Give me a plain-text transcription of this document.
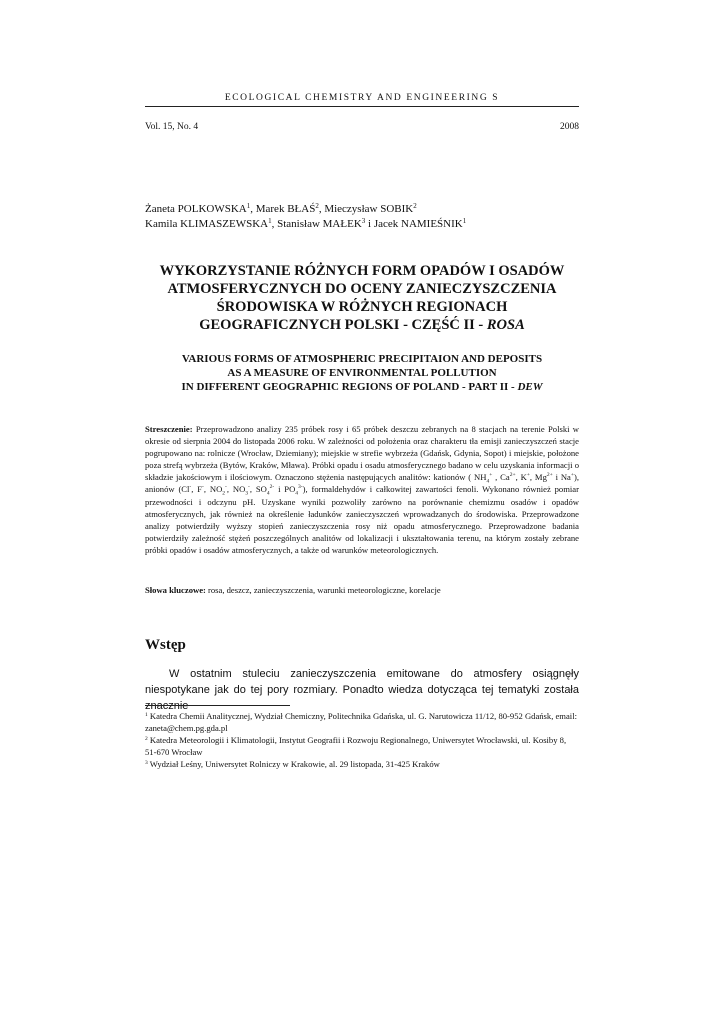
ECOLOGICAL CHEMISTRY AND ENGINEERING S
Vol. 15, No. 4	2008
Żaneta POLKOWSKA$^1$, Marek BŁAŚ$^2$, Mieczysław SOBIK$^2$
Kamila KLIMASZEWSKA$^1$, Stanisław MAŁEK$^3$ i Jacek NAMIEŚNIK$^1$
WYKORZYSTANIE RÓŻNYCH FORM OPADÓW I OSADÓW
ATMOSFERYCZNYCH DO OCENY ZANIECZYSZCZENIA
ŚRODOWISKA W RÓŻNYCH REGIONACH
GEOGRAFICZNYCH POLSKI - CZĘŚĆ II - ROSA
VARIOUS FORMS OF ATMOSPHERIC PRECIPITAION AND DEPOSITS
AS A MEASURE OF ENVIRONMENTAL POLLUTION
IN DIFFERENT GEOGRAPHIC REGIONS OF POLAND - PART II - DEW
Streszczenie: Przeprowadzono analizy 235 próbek rosy i 65 próbek deszczu zebranych na 8 stacjach na terenie Polski w okresie od sierpnia 2004 do listopada 2006 roku. W zależności od położenia oraz charakteru tła emisji zanieczyszczeń stacje pogrupowano na: rolnicze (Wrocław, Dziemiany); miejskie w strefie wybrzeża (Gdańsk, Gdynia, Sopot) i miejskie, położone poza strefą wybrzeża (Bytów, Kraków, Mława). Próbki opadu i osadu atmosferycznego badano w celu uzyskania informacji o składzie jakościowym i ilościowym. Oznaczono stężenia następujących analitów: kationów ( $NH_4^+$ , $Ca^{2+}$, K+, $Mg^{2+}$ i Na+), anionów (Cl-, F-, $NO_2^-$, $NO_3^-$, $SO_4^{2-}$ i $PO_4^{3-}$), formaldehydów i całkowitej zawartości fenoli. Wykonano również pomiar przewodności i odczynu pH. Uzyskane wyniki pozwoliły zarówno na porównanie chemizmu osadów i opadów atmosferycznych, jak również na określenie ładunków zanieczyszczeń wprowadzanych do środowiska. Przeprowadzone analizy potwierdziły wyższy stopień zanieczyszczenia rosy niż opadu atmosferycznego. Przeprowadzone badania potwierdziły zależność stężeń poszczególnych analitów od lokalizacji i ukształtowania terenu, na którym zostały zebrane próbki opadów i osadów atmosferycznych, a także od warunków meteorologicznych.
Słowa kluczowe: rosa, deszcz, zanieczyszczenia, warunki meteorologiczne, korelacje
Wstęp
W ostatnim stuleciu zanieczyszczenia emitowane do atmosfery osiągnęły niespotykane jak do tej pory rozmiary. Ponadto wiedza dotycząca tej tematyki została znacznie

$^1$ Katedra Chemii Analitycznej, Wydział Chemiczny, Politechnika Gdańska, ul. G. Narutowicza 11/12, 80-952 Gdańsk, email: zaneta@chem.pg.gda.pl

$^2$ Katedra Meteorologii i Klimatologii, Instytut Geografii i Rozwoju Regionalnego, Uniwersytet Wrocławski, ul. Kosiby 8, 51-670 Wrocław

$^3$ Wydział Leśny, Uniwersytet Rolniczy w Krakowie, al. 29 listopada, 31-425 Kraków
